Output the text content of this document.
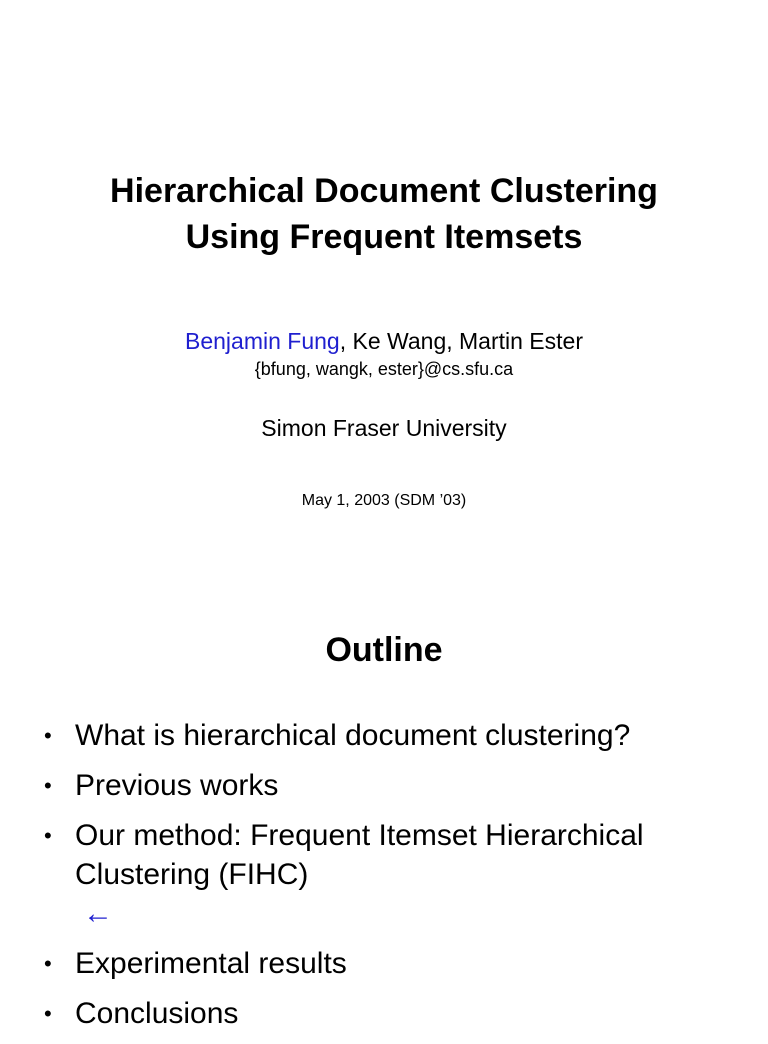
Hierarchical Document Clustering
Using Frequent Itemsets
Benjamin Fung, Ke Wang, Martin Ester
{bfung, wangk, ester}@cs.sfu.ca
Simon Fraser University
May 1, 2003 (SDM ’03)
Outline
• What is hierarchical document clustering?
• Previous works
• Our method: Frequent Itemset Hierarchical
Clustering (FIHC)
←
• Experimental results
• Conclusions
